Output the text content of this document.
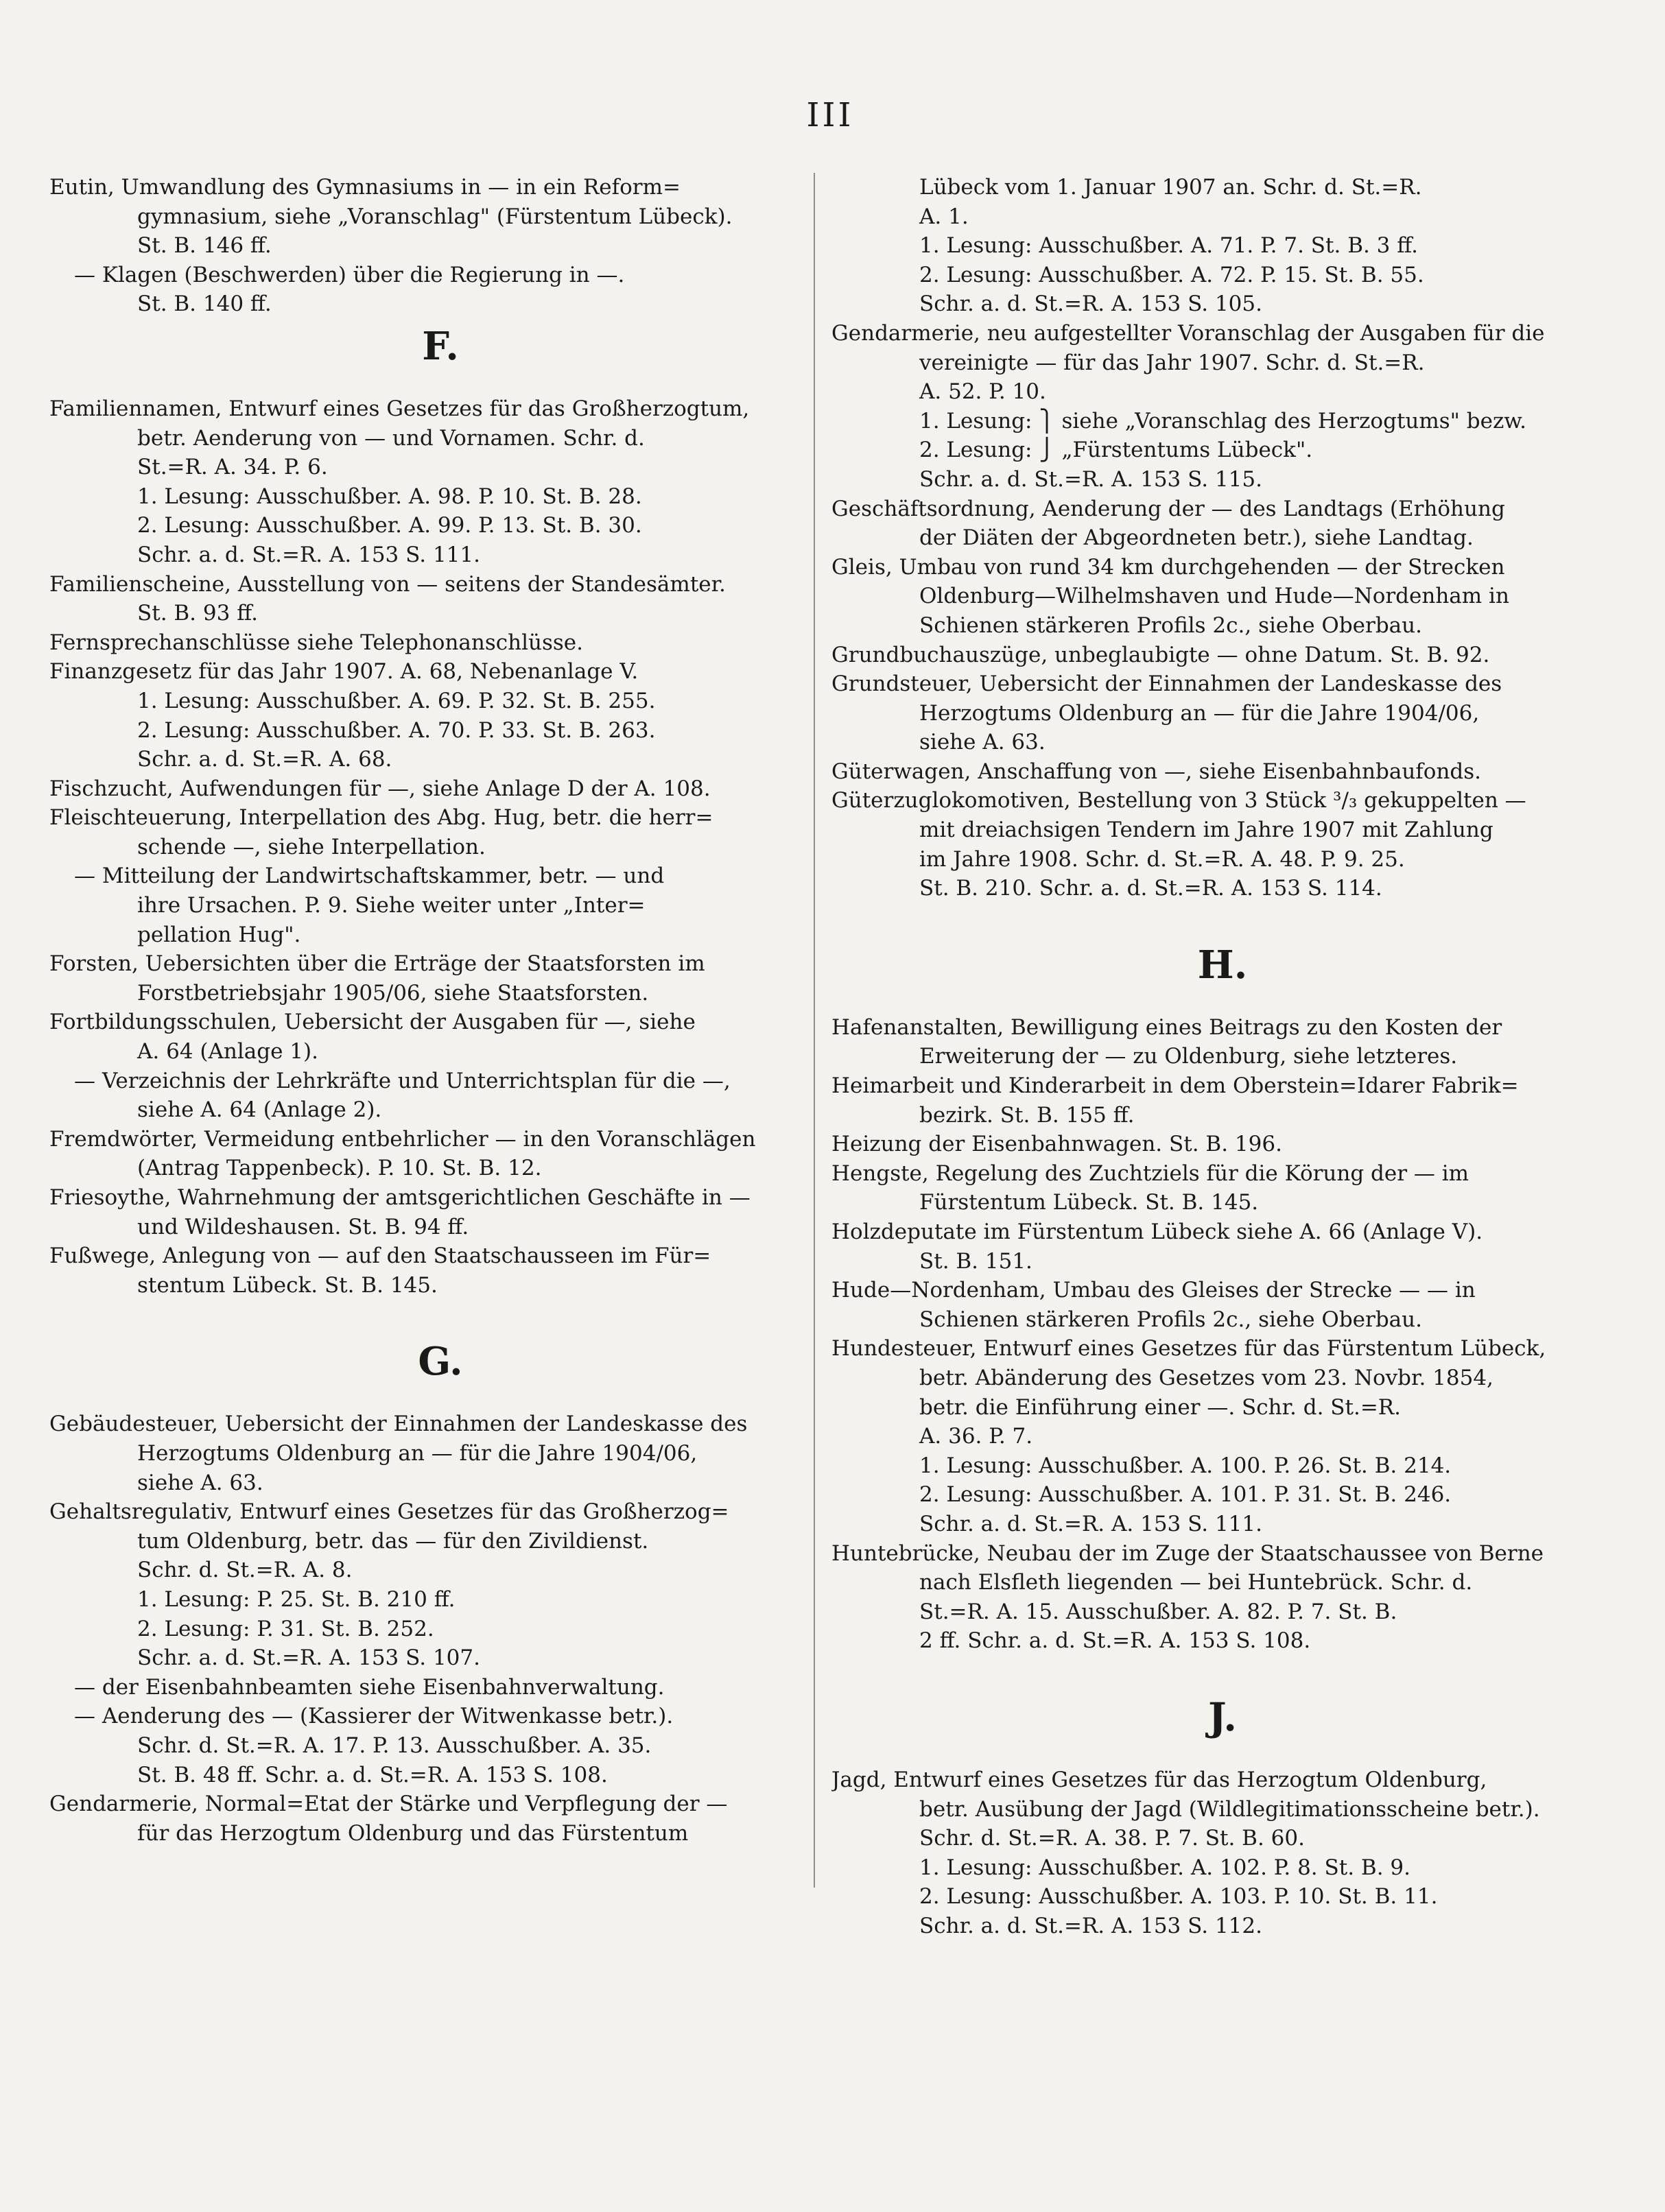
III
Eutin, Umwandlung des Gymnasiums in — in ein Reform=
gymnasium, siehe „Voranschlag" (Fürstentum Lübeck).
St. B. 146 ff.
— Klagen (Beschwerden) über die Regierung in —.
St. B. 140 ff.
F.
Familiennamen, Entwurf eines Gesetzes für das Großherzogtum,
betr. Aenderung von — und Vornamen. Schr. d.
St.=R. A. 34. P. 6.
1. Lesung: Ausschußber. A. 98. P. 10. St. B. 28.
2. Lesung: Ausschußber. A. 99. P. 13. St. B. 30.
Schr. a. d. St.=R. A. 153 S. 111.
Familienscheine, Ausstellung von — seitens der Standesämter.
St. B. 93 ff.
Fernsprechanschlüsse siehe Telephonanschlüsse.
Finanzgesetz für das Jahr 1907. A. 68, Nebenanlage V.
1. Lesung: Ausschußber. A. 69. P. 32. St. B. 255.
2. Lesung: Ausschußber. A. 70. P. 33. St. B. 263.
Schr. a. d. St.=R. A. 68.
Fischzucht, Aufwendungen für —, siehe Anlage D der A. 108.
Fleischteuerung, Interpellation des Abg. Hug, betr. die herr=
schende —, siehe Interpellation.
— Mitteilung der Landwirtschaftskammer, betr. — und
ihre Ursachen. P. 9. Siehe weiter unter „Inter=
pellation Hug".
Forsten, Uebersichten über die Erträge der Staatsforsten im
Forstbetriebsjahr 1905/06, siehe Staatsforsten.
Fortbildungsschulen, Uebersicht der Ausgaben für —, siehe
A. 64 (Anlage 1).
— Verzeichnis der Lehrkräfte und Unterrichtsplan für die —,
siehe A. 64 (Anlage 2).
Fremdwörter, Vermeidung entbehrlicher — in den Voranschlägen
(Antrag Tappenbeck). P. 10. St. B. 12.
Friesoythe, Wahrnehmung der amtsgerichtlichen Geschäfte in —
und Wildeshausen. St. B. 94 ff.
Fußwege, Anlegung von — auf den Staatschausseen im Für=
stentum Lübeck. St. B. 145.
G.
Gebäudesteuer, Uebersicht der Einnahmen der Landeskasse des
Herzogtums Oldenburg an — für die Jahre 1904/06,
siehe A. 63.
Gehaltsregulativ, Entwurf eines Gesetzes für das Großherzog=
tum Oldenburg, betr. das — für den Zivildienst.
Schr. d. St.=R. A. 8.
1. Lesung: P. 25. St. B. 210 ff.
2. Lesung: P. 31. St. B. 252.
Schr. a. d. St.=R. A. 153 S. 107.
— der Eisenbahnbeamten siehe Eisenbahnverwaltung.
— Aenderung des — (Kassierer der Witwenkasse betr.).
Schr. d. St.=R. A. 17. P. 13. Ausschußber. A. 35.
St. B. 48 ff. Schr. a. d. St.=R. A. 153 S. 108.
Gendarmerie, Normal=Etat der Stärke und Verpflegung der —
für das Herzogtum Oldenburg und das Fürstentum
Lübeck vom 1. Januar 1907 an. Schr. d. St.=R.
A. 1.
1. Lesung: Ausschußber. A. 71. P. 7. St. B. 3 ff.
2. Lesung: Ausschußber. A. 72. P. 15. St. B. 55.
Schr. a. d. St.=R. A. 153 S. 105.
Gendarmerie, neu aufgestellter Voranschlag der Ausgaben für die
vereinigte — für das Jahr 1907. Schr. d. St.=R.
A. 52. P. 10.
1. Lesung: ⎫ siehe „Voranschlag des Herzogtums" bezw.
2. Lesung: ⎭ „Fürstentums Lübeck".
Schr. a. d. St.=R. A. 153 S. 115.
Geschäftsordnung, Aenderung der — des Landtags (Erhöhung
der Diäten der Abgeordneten betr.), siehe Landtag.
Gleis, Umbau von rund 34 km durchgehenden — der Strecken
Oldenburg—Wilhelmshaven und Hude—Nordenham in
Schienen stärkeren Profils 2c., siehe Oberbau.
Grundbuchauszüge, unbeglaubigte — ohne Datum. St. B. 92.
Grundsteuer, Uebersicht der Einnahmen der Landeskasse des
Herzogtums Oldenburg an — für die Jahre 1904/06,
siehe A. 63.
Güterwagen, Anschaffung von —, siehe Eisenbahnbaufonds.
Güterzuglokomotiven, Bestellung von 3 Stück ³/₃ gekuppelten —
mit dreiachsigen Tendern im Jahre 1907 mit Zahlung
im Jahre 1908. Schr. d. St.=R. A. 48. P. 9. 25.
St. B. 210. Schr. a. d. St.=R. A. 153 S. 114.
H.
Hafenanstalten, Bewilligung eines Beitrags zu den Kosten der
Erweiterung der — zu Oldenburg, siehe letzteres.
Heimarbeit und Kinderarbeit in dem Oberstein=Idarer Fabrik=
bezirk. St. B. 155 ff.
Heizung der Eisenbahnwagen. St. B. 196.
Hengste, Regelung des Zuchtziels für die Körung der — im
Fürstentum Lübeck. St. B. 145.
Holzdeputate im Fürstentum Lübeck siehe A. 66 (Anlage V).
St. B. 151.
Hude—Nordenham, Umbau des Gleises der Strecke — — in
Schienen stärkeren Profils 2c., siehe Oberbau.
Hundesteuer, Entwurf eines Gesetzes für das Fürstentum Lübeck,
betr. Abänderung des Gesetzes vom 23. Novbr. 1854,
betr. die Einführung einer —. Schr. d. St.=R.
A. 36. P. 7.
1. Lesung: Ausschußber. A. 100. P. 26. St. B. 214.
2. Lesung: Ausschußber. A. 101. P. 31. St. B. 246.
Schr. a. d. St.=R. A. 153 S. 111.
Huntebrücke, Neubau der im Zuge der Staatschaussee von Berne
nach Elsfleth liegenden — bei Huntebrück. Schr. d.
St.=R. A. 15. Ausschußber. A. 82. P. 7. St. B.
2 ff. Schr. a. d. St.=R. A. 153 S. 108.
J.
Jagd, Entwurf eines Gesetzes für das Herzogtum Oldenburg,
betr. Ausübung der Jagd (Wildlegitimationsscheine betr.).
Schr. d. St.=R. A. 38. P. 7. St. B. 60.
1. Lesung: Ausschußber. A. 102. P. 8. St. B. 9.
2. Lesung: Ausschußber. A. 103. P. 10. St. B. 11.
Schr. a. d. St.=R. A. 153 S. 112.
